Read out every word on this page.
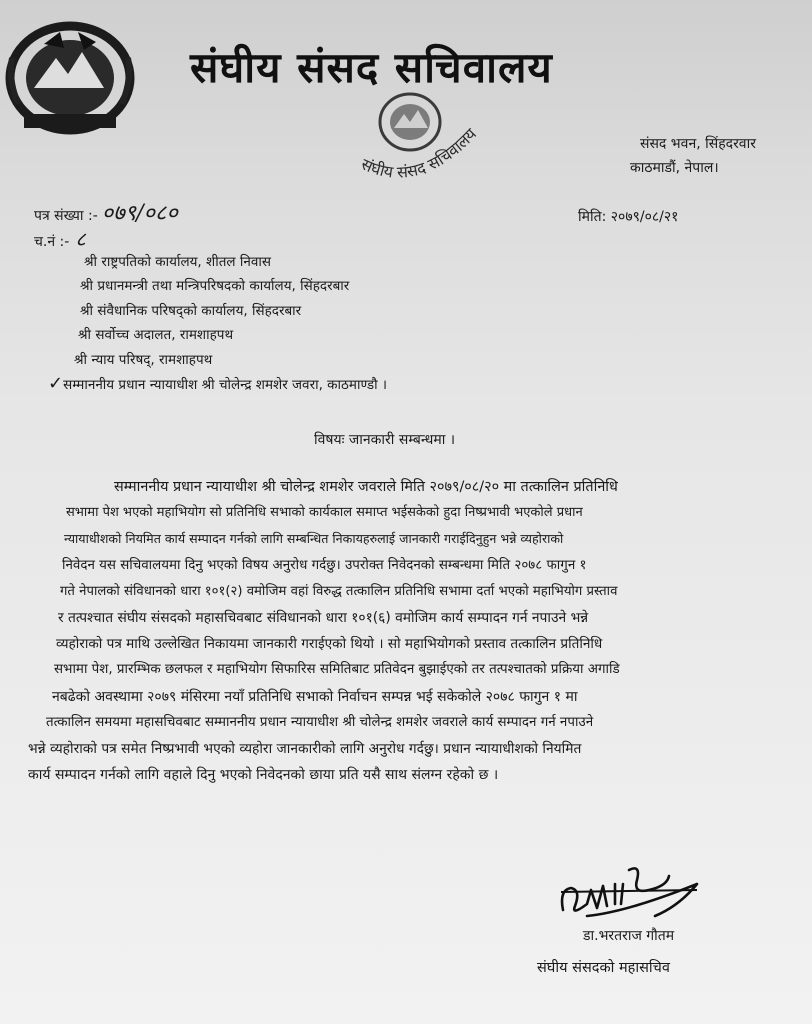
संघीय संसद सचिवालय
संघीय संसद सचिवालय	संसद भवन, सिंहदरवार
काठमाडौं, नेपाल।
पत्र संख्या :- ०७९/०८०
च.नं :- ८
मिति: २०७९/०८/२१
श्री राष्ट्रपतिको कार्यालय, शीतल निवास
श्री प्रधानमन्त्री तथा मन्त्रिपरिषदको कार्यालय, सिंहदरबार
श्री संवैधानिक परिषद्को कार्यालय, सिंहदरबार
श्री सर्वोच्च अदालत, रामशाहपथ
श्री न्याय परिषद्, रामशाहपथ
✓सम्माननीय प्रधान न्यायाधीश श्री चोलेन्द्र शमशेर जवरा, काठमाण्डौ ।
विषयः जानकारी सम्बन्धमा ।
सम्माननीय प्रधान न्यायाधीश श्री चोलेन्द्र शमशेर जवराले मिति २०७९/०८/२० मा तत्कालिन प्रतिनिधि
सभामा पेश भएको महाभियोग सो प्रतिनिधि सभाको कार्यकाल समाप्त भईसकेको हुदा निष्प्रभावी भएकोले प्रधान
न्यायाधीशको नियमित कार्य सम्पादन गर्नको लागि सम्बन्धित निकायहरुलाई जानकारी गराईदिनुहुन भन्ने व्यहोराको
निवेदन यस सचिवालयमा दिनु भएको विषय अनुरोध गर्दछु। उपरोक्त निवेदनको सम्बन्धमा मिति २०७८ फागुन १
गते नेपालको संविधानको धारा १०१(२) वमोजिम वहां विरुद्ध तत्कालिन प्रतिनिधि सभामा दर्ता भएको महाभियोग प्रस्ताव
र तत्पश्चात संघीय संसदको महासचिवबाट संविधानको धारा १०१(६) वमोजिम कार्य सम्पादन गर्न नपाउने भन्ने
व्यहोराको पत्र माथि उल्लेखित निकायमा जानकारी गराईएको थियो । सो महाभियोगको प्रस्ताव तत्कालिन प्रतिनिधि
सभामा पेश, प्रारम्भिक छलफल र महाभियोग सिफारिस समितिबाट प्रतिवेदन बुझाईएको तर तत्पश्चातको प्रक्रिया अगाडि
नबढेको अवस्थामा २०७९ मंसिरमा नयाँ प्रतिनिधि सभाको निर्वाचन सम्पन्न भई सकेकोले २०७८ फागुन १ मा
तत्कालिन समयमा महासचिवबाट सम्माननीय प्रधान न्यायाधीश श्री चोलेन्द्र शमशेर जवराले कार्य सम्पादन गर्न नपाउने
भन्ने व्यहोराको पत्र समेत निष्प्रभावी भएको व्यहोरा जानकारीको लागि अनुरोध गर्दछु। प्रधान न्यायाधीशको नियमित
कार्य सम्पादन गर्नको लागि वहाले दिनु भएको निवेदनको छाया प्रति यसै साथ संलग्न रहेको छ ।
डा.भरतराज गौतम
संघीय संसदको महासचिव
